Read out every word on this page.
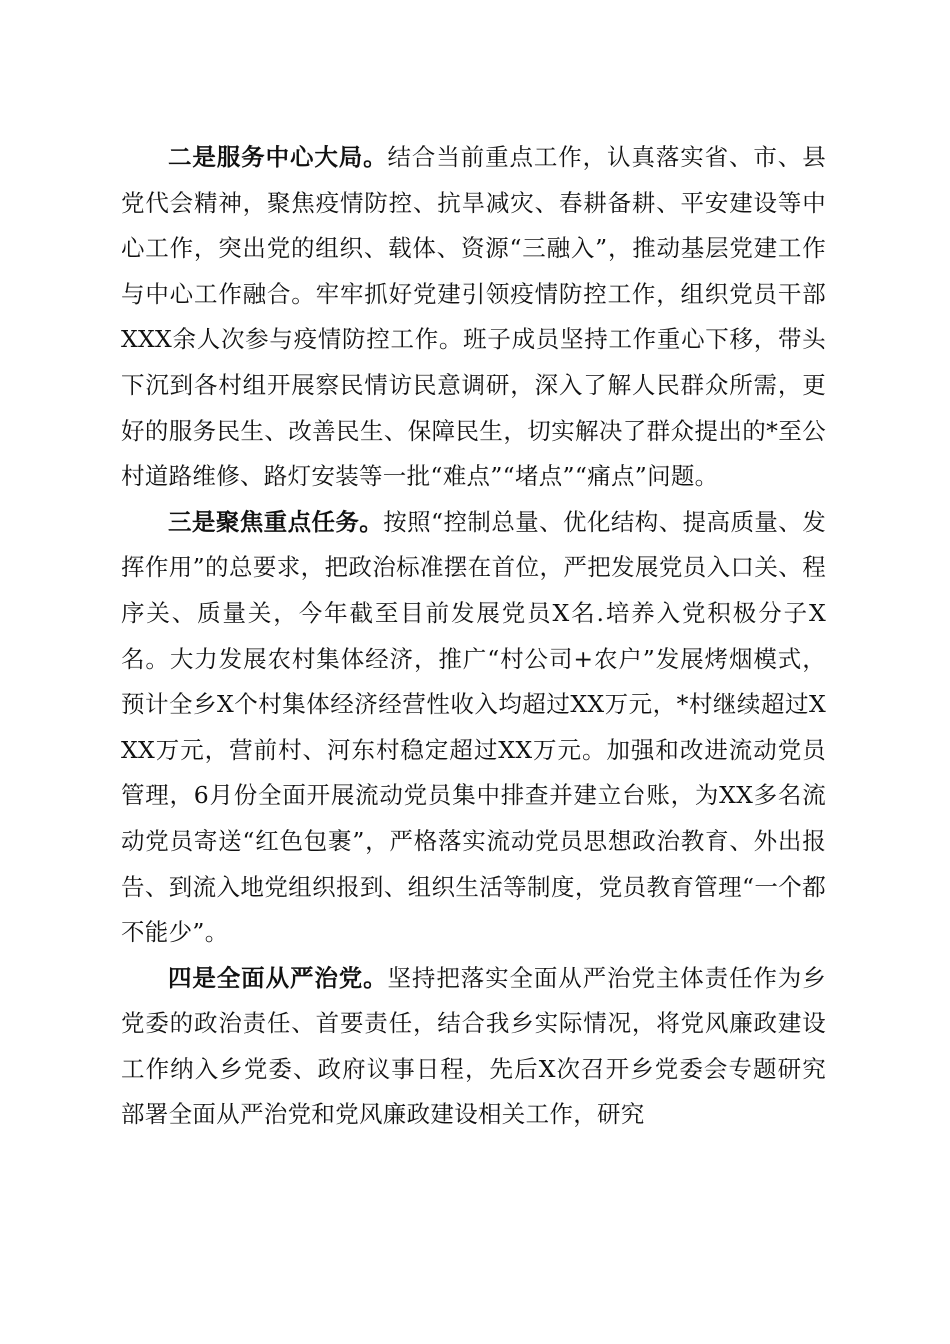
二是服务中心大局。结合当前重点工作，认真落实省、市、县党代会精神，聚焦疫情防控、抗旱减灾、春耕备耕、平安建设等中心工作，突出党的组织、载体、资源“三融入”，推动基层党建工作与中心工作融合。牢牢抓好党建引领疫情防控工作，组织党员干部XXX余人次参与疫情防控工作。班子成员坚持工作重心下移，带头下沉到各村组开展察民情访民意调研，深入了解人民群众所需，更好的服务民生、改善民生、保障民生，切实解决了群众提出的*至公村道路维修、路灯安装等一批“难点”“堵点”“痛点”问题。

三是聚焦重点任务。按照“控制总量、优化结构、提高质量、发挥作用”的总要求，把政治标准摆在首位，严把发展党员入口关、程序关、质量关，今年截至目前发展党员X名.培养入党积极分子X名。大力发展农村集体经济，推广“村公司+农户”发展烤烟模式，预计全乡X个村集体经济经营性收入均超过XX万元，*村继续超过XXX万元，营前村、河东村稳定超过XX万元。加强和改进流动党员管理，6月份全面开展流动党员集中排查并建立台账，为XX多名流动党员寄送“红色包裹”，严格落实流动党员思想政治教育、外出报告、到流入地党组织报到、组织生活等制度，党员教育管理“一个都不能少”。

四是全面从严治党。坚持把落实全面从严治党主体责任作为乡党委的政治责任、首要责任，结合我乡实际情况，将党风廉政建设工作纳入乡党委、政府议事日程，先后X次召开乡党委会专题研究部署全面从严治党和党风廉政建设相关工作，研究
